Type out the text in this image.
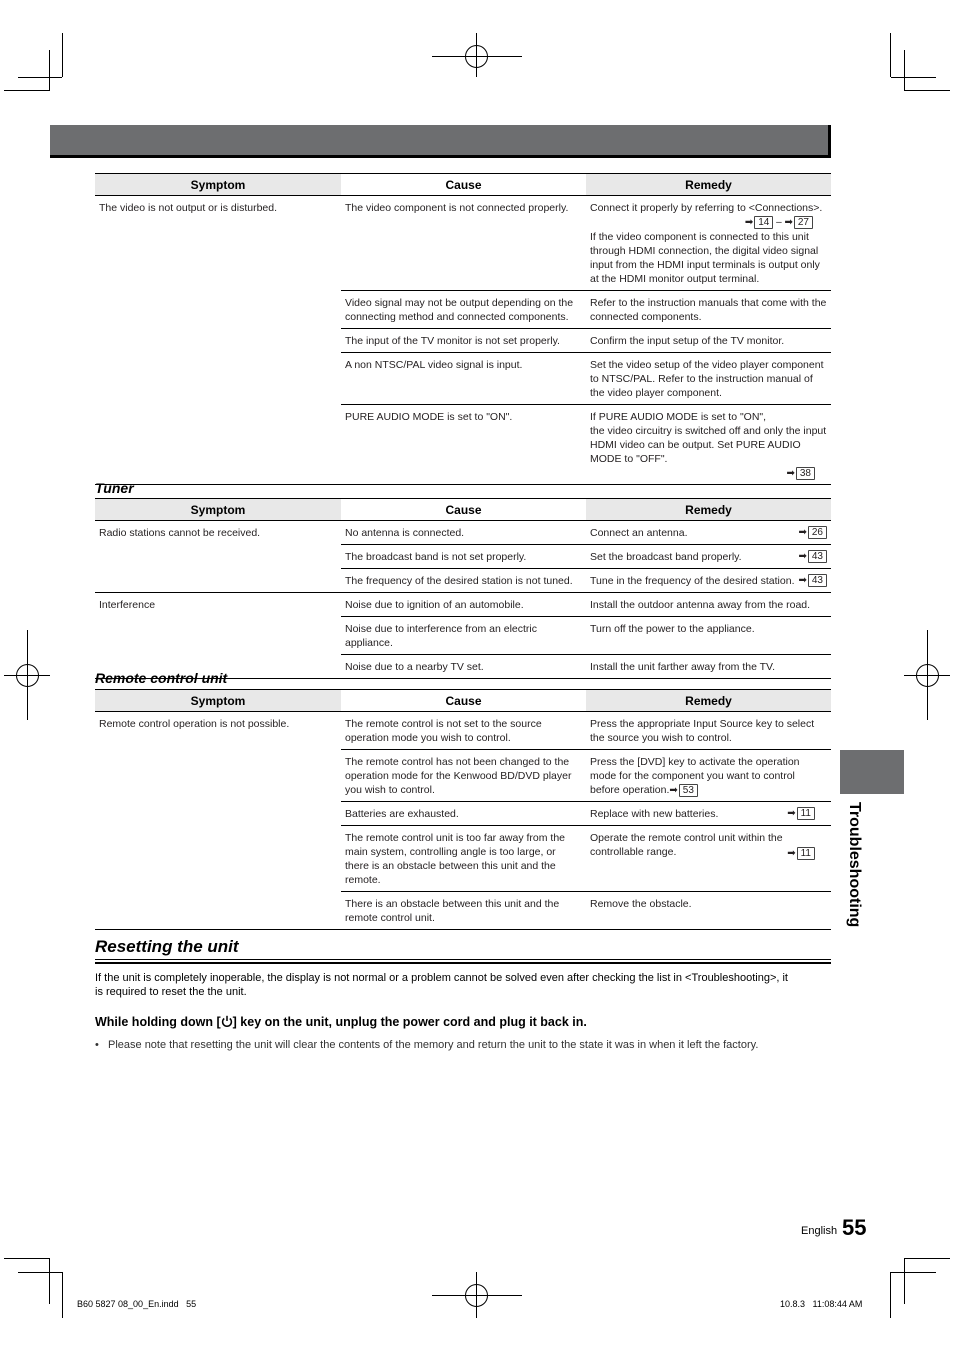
Symptom	Cause	Remedy
The video is not output or is disturbed.	The video component is not connected properly.	Connect it properly by referring to <Connections>.
➡ 14 – ➡ 27
If the video component is connected to this unit through HDMI connection, the digital video signal input from the HDMI input terminals is output only at the HDMI monitor output terminal.

	Video signal may not be output depending on the connecting method and connected components.	Refer to the instruction manuals that come with the connected components.
	The input of the TV monitor is not set properly.	Confirm the input setup of the TV monitor.
	A non NTSC/PAL video signal is input.	Set the video setup of the video player component to NTSC/PAL. Refer to the instruction manual of the video player component.
	PURE AUDIO MODE is set to "ON".	If PURE AUDIO MODE is set to "ON",
the video circuitry is switched off and only the input HDMI video can be output. Set PURE AUDIO MODE to "OFF".
➡ 38
Tuner
Symptom	Cause	Remedy
Radio stations cannot be received.	No antenna is connected.	Connect an antenna. ➡ 26

	The broadcast band is not set properly.	Set the broadcast band properly. ➡ 43

	The frequency of the desired station is not tuned.	Tune in the frequency of the desired station. ➡ 43

Interference	Noise due to ignition of an automobile.	Install the outdoor antenna away from the road.
	Noise due to interference from an electric appliance.	Turn off the power to the appliance.
	Noise due to a nearby TV set.	Install the unit farther away from the TV.
Remote control unit
Symptom	Cause	Remedy
Remote control operation is not possible.	The remote control is not set to the source operation mode you wish to control.	Press the appropriate Input Source key to select the source you wish to control.
	The remote control has not been changed to the operation mode for the Kenwood BD/DVD player you wish to control.	Press the [DVD] key to activate the operation mode for the component you want to control before operation.➡ 53
	Batteries are exhausted.	Replace with new batteries. ➡ 11

	The remote control unit is too far away from the main system, controlling angle is too large, or there is an obstacle between this unit and the remote.	Operate the remote control unit within the controllable range. ➡ 11

	There is an obstacle between this unit and the remote control unit.	Remove the obstacle.
Resetting the unit
If the unit is completely inoperable, the display is not normal or a problem cannot be solved even after checking the list in <Troubleshooting>, it is required to reset the the unit.
While holding down [ ] key on the unit, unplug the power cord and plug it back in.
• Please note that resetting the unit will clear the contents of the memory and return the unit to the state it was in when it left the factory.
Troubleshooting
English 55
B60 5827 08_00_En.indd   55	10.8.3   11:08:44 AM
